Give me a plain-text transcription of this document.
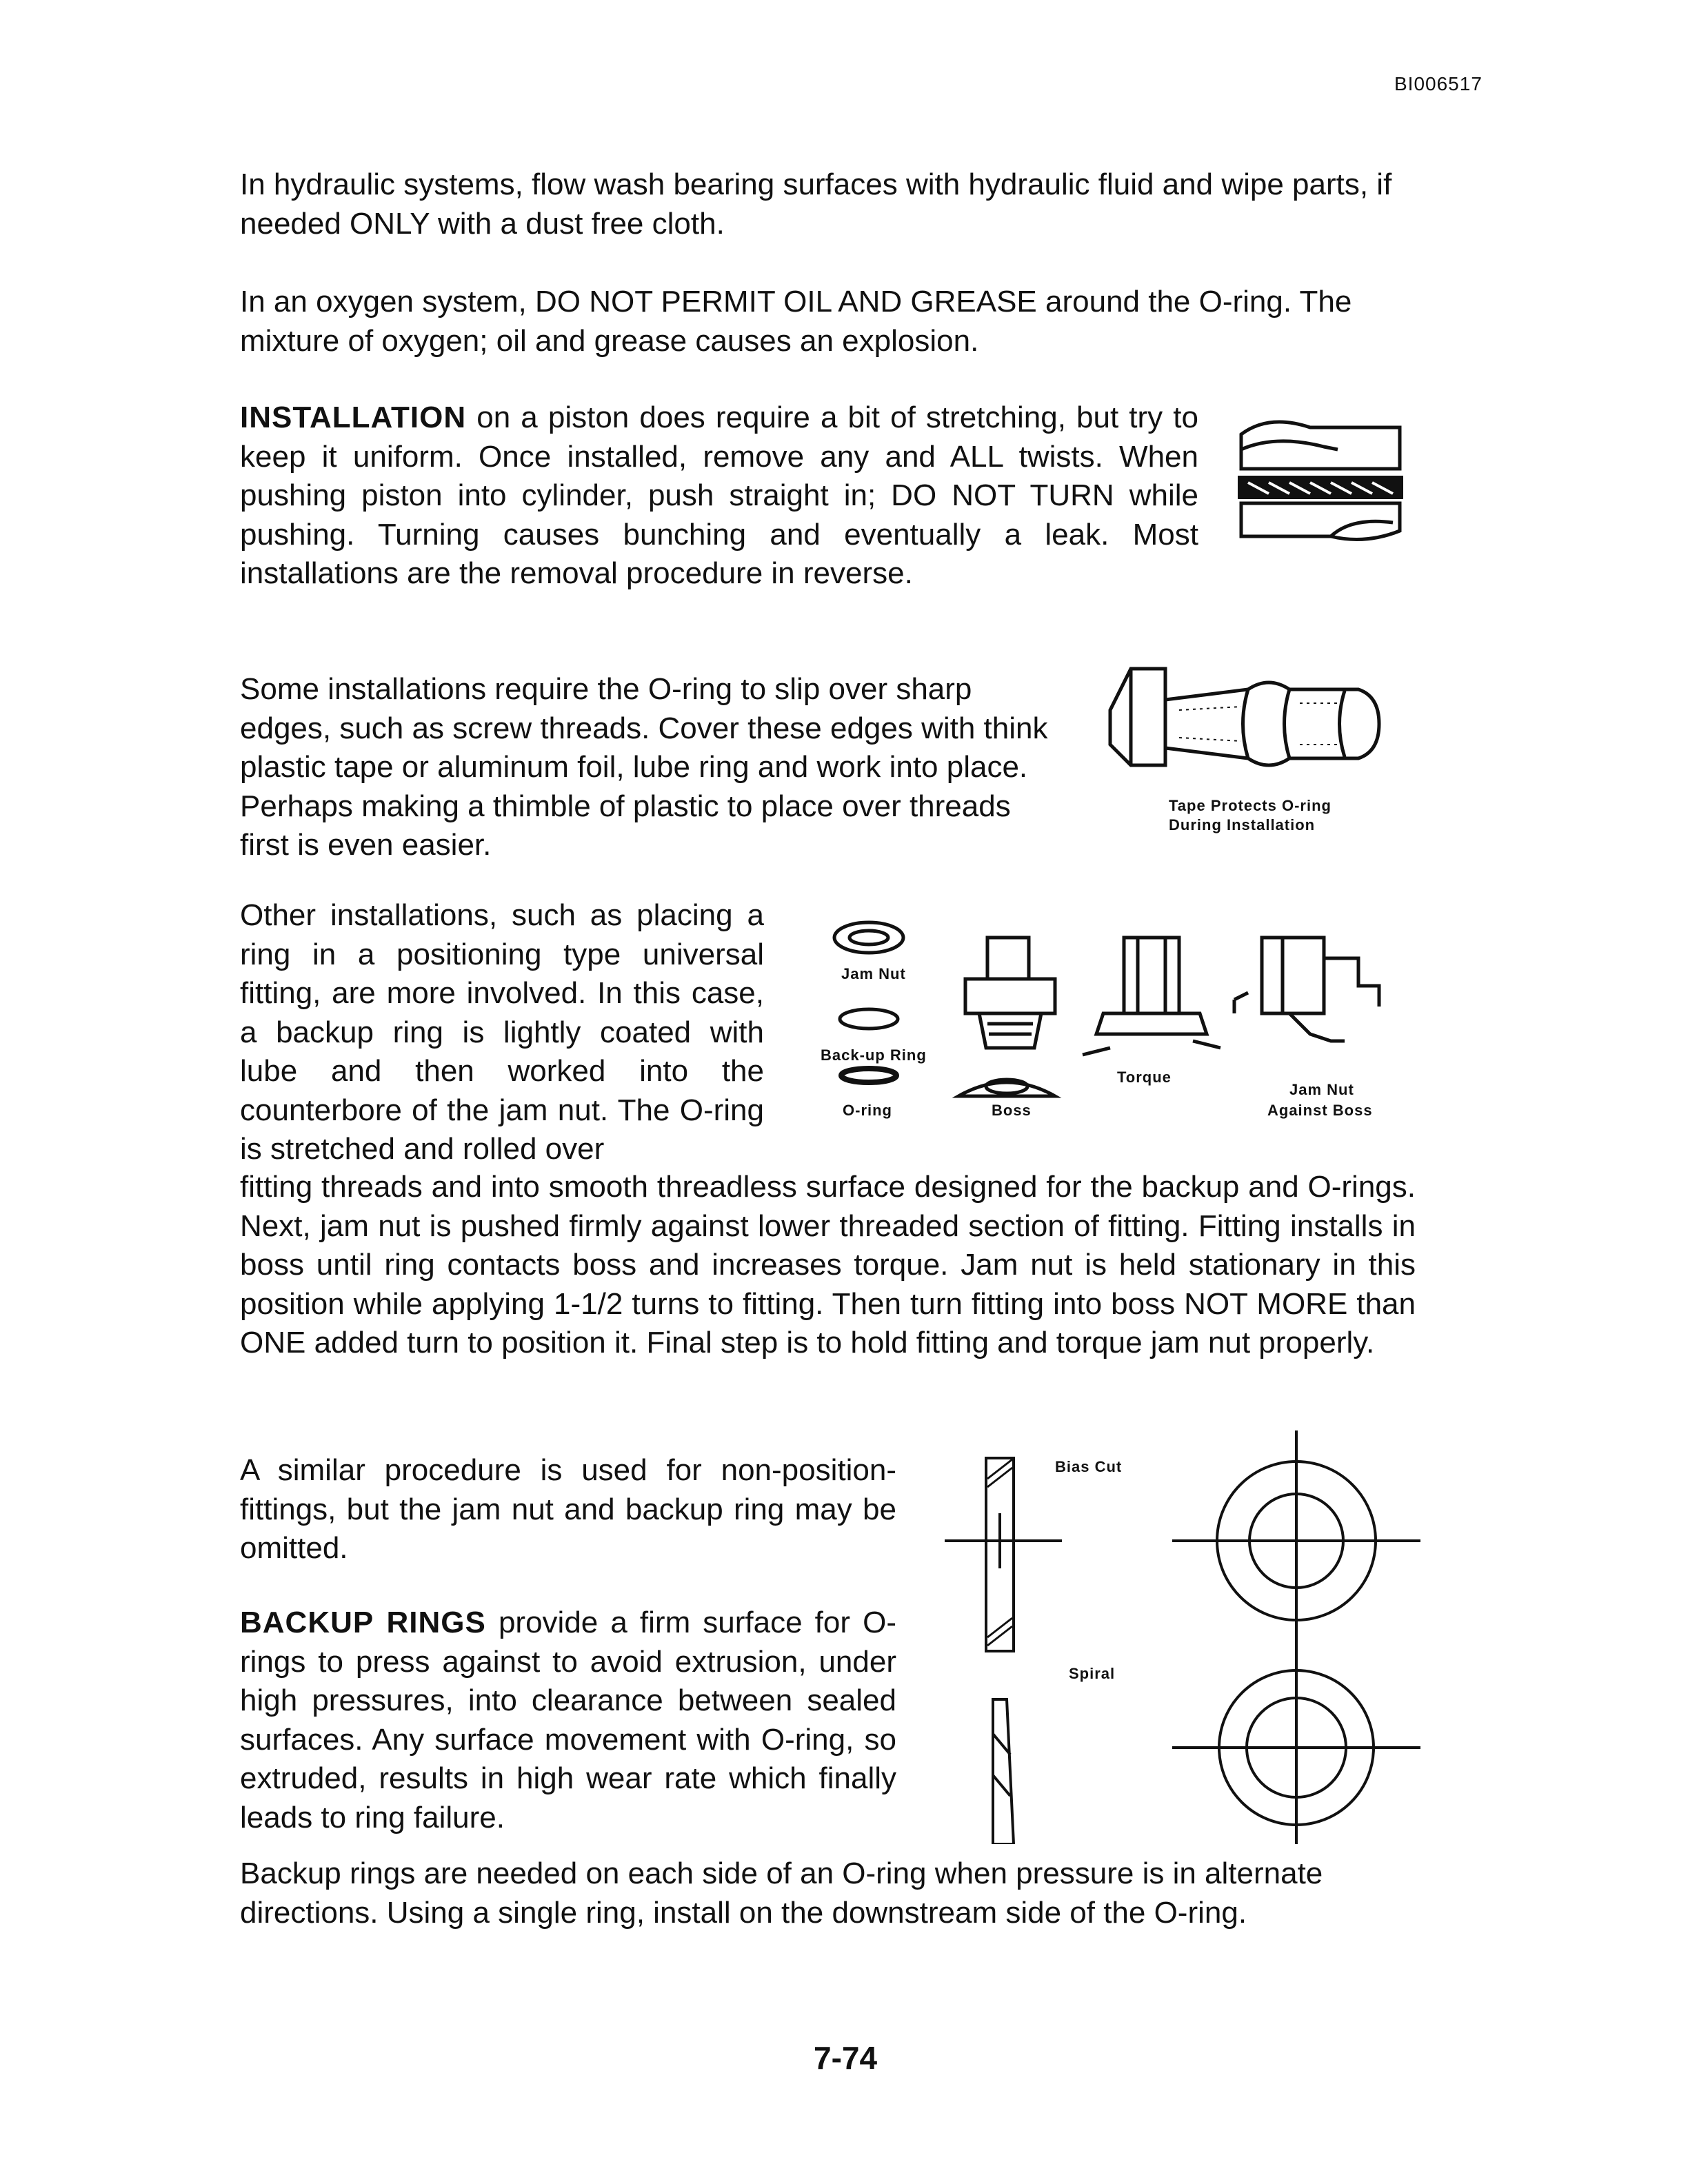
BI006517

In hydraulic systems, flow wash bearing surfaces with hydraulic fluid and wipe parts, if needed ONLY with a dust free cloth.

In an oxygen system, DO NOT PERMIT OIL AND GREASE around the O-ring. The mixture of oxygen; oil and grease causes an explosion.

INSTALLATION on a piston does require a bit of stretching, but try to keep it uniform. Once installed, remove any and ALL twists. When pushing piston into cylinder, push straight in; DO NOT TURN while pushing. Turning causes bunching and eventually a leak. Most installations are the removal procedure in reverse.

Some installations require the O-ring to slip over sharp edges, such as screw threads. Cover these edges with think plastic tape or aluminum foil, lube ring and work into place. Perhaps making a thimble of plastic to place over threads first is even easier.

Tape Protects O-ring
During Installation
Other installations, such as placing a ring in a positioning type universal fitting, are more involved. In this case, a backup ring is lightly coated with lube and then worked into the counterbore of the jam nut. The O-ring is stretched and rolled over

fitting threads and into smooth threadless surface designed for the backup and O-rings. Next, jam nut is pushed firmly against lower threaded section of fitting. Fitting installs in boss until ring contacts boss and increases torque. Jam nut is held stationary in this position while applying 1-1/2 turns to fitting. Then turn fitting into boss NOT MORE than ONE added turn to position it. Final step is to hold fitting and torque jam nut properly.

Jam Nut
Back-up Ring
O-ring	Boss
Torque
Jam Nut
Against Boss

A similar procedure is used for non-position-fittings, but the jam nut and backup ring may be omitted.

BACKUP RINGS provide a firm surface for O-rings to press against to avoid extrusion, under high pressures, into clearance between sealed surfaces. Any surface movement with O-ring, so extruded, results in high wear rate which finally leads to ring failure.

Bias Cut
Spiral

Backup rings are needed on each side of an O-ring when pressure is in alternate directions. Using a single ring, install on the downstream side of the O-ring.

7-74
